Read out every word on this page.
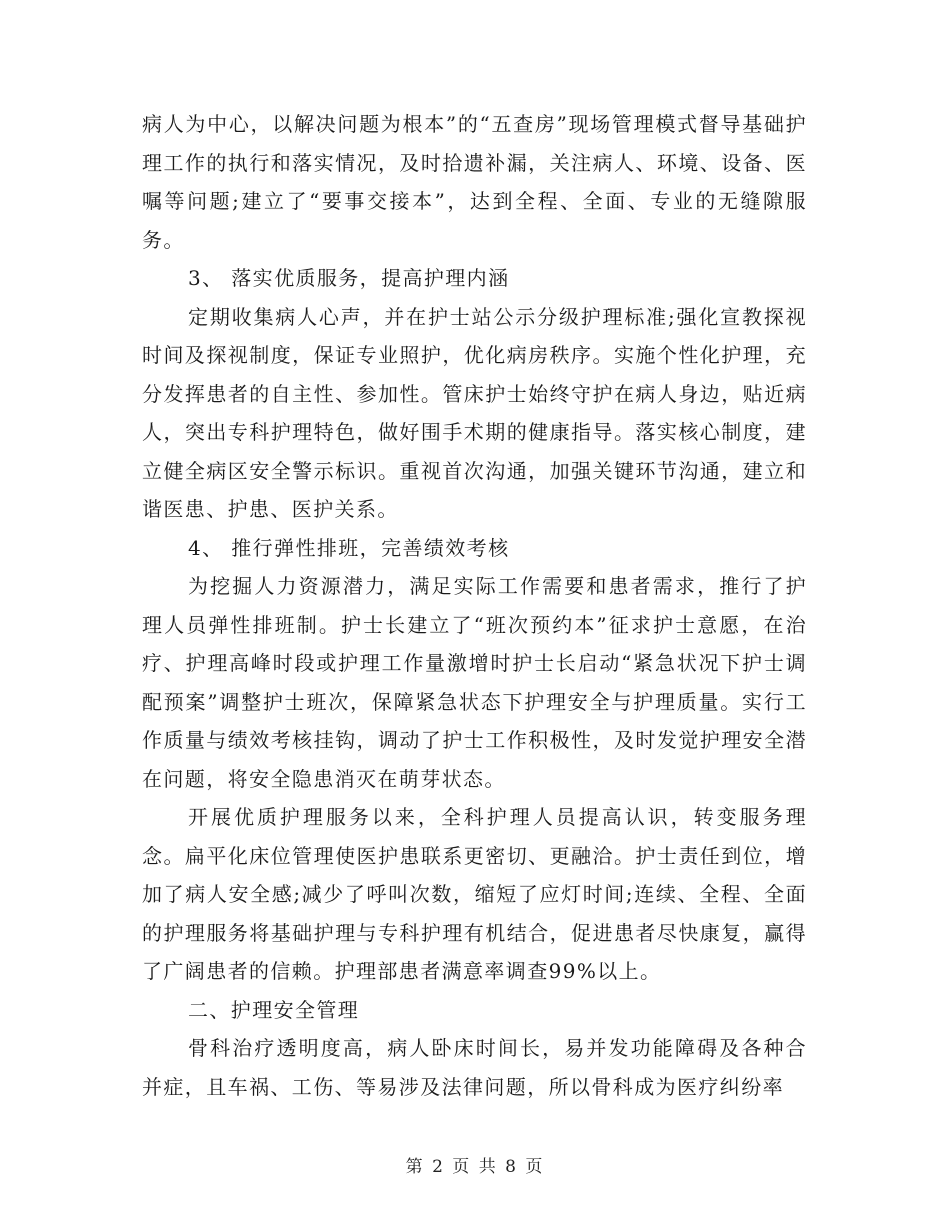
病人为中心，以解决问题为根本”的“五查房”现场管理模式督导基础护理工作的执行和落实情况，及时拾遗补漏，关注病人、环境、设备、医嘱等问题;建立了“要事交接本”，达到全程、全面、专业的无缝隙服务。

3、 落实优质服务，提高护理内涵

定期收集病人心声，并在护士站公示分级护理标准;强化宣教探视时间及探视制度，保证专业照护，优化病房秩序。实施个性化护理，充分发挥患者的自主性、参加性。管床护士始终守护在病人身边，贴近病人，突出专科护理特色，做好围手术期的健康指导。落实核心制度，建立健全病区安全警示标识。重视首次沟通，加强关键环节沟通，建立和谐医患、护患、医护关系。

4、 推行弹性排班，完善绩效考核

为挖掘人力资源潜力，满足实际工作需要和患者需求，推行了护理人员弹性排班制。护士长建立了“班次预约本”征求护士意愿，在治疗、护理高峰时段或护理工作量激增时护士长启动“紧急状况下护士调配预案”调整护士班次，保障紧急状态下护理安全与护理质量。实行工作质量与绩效考核挂钩，调动了护士工作积极性，及时发觉护理安全潜在问题，将安全隐患消灭在萌芽状态。

开展优质护理服务以来，全科护理人员提高认识，转变服务理念。扁平化床位管理使医护患联系更密切、更融洽。护士责任到位，增加了病人安全感;减少了呼叫次数，缩短了应灯时间;连续、全程、全面的护理服务将基础护理与专科护理有机结合，促进患者尽快康复，赢得了广阔患者的信赖。护理部患者满意率调查99%以上。

二、护理安全管理

骨科治疗透明度高，病人卧床时间长，易并发功能障碍及各种合并症，且车祸、工伤、等易涉及法律问题，所以骨科成为医疗纠纷率

第 2 页 共 8 页
